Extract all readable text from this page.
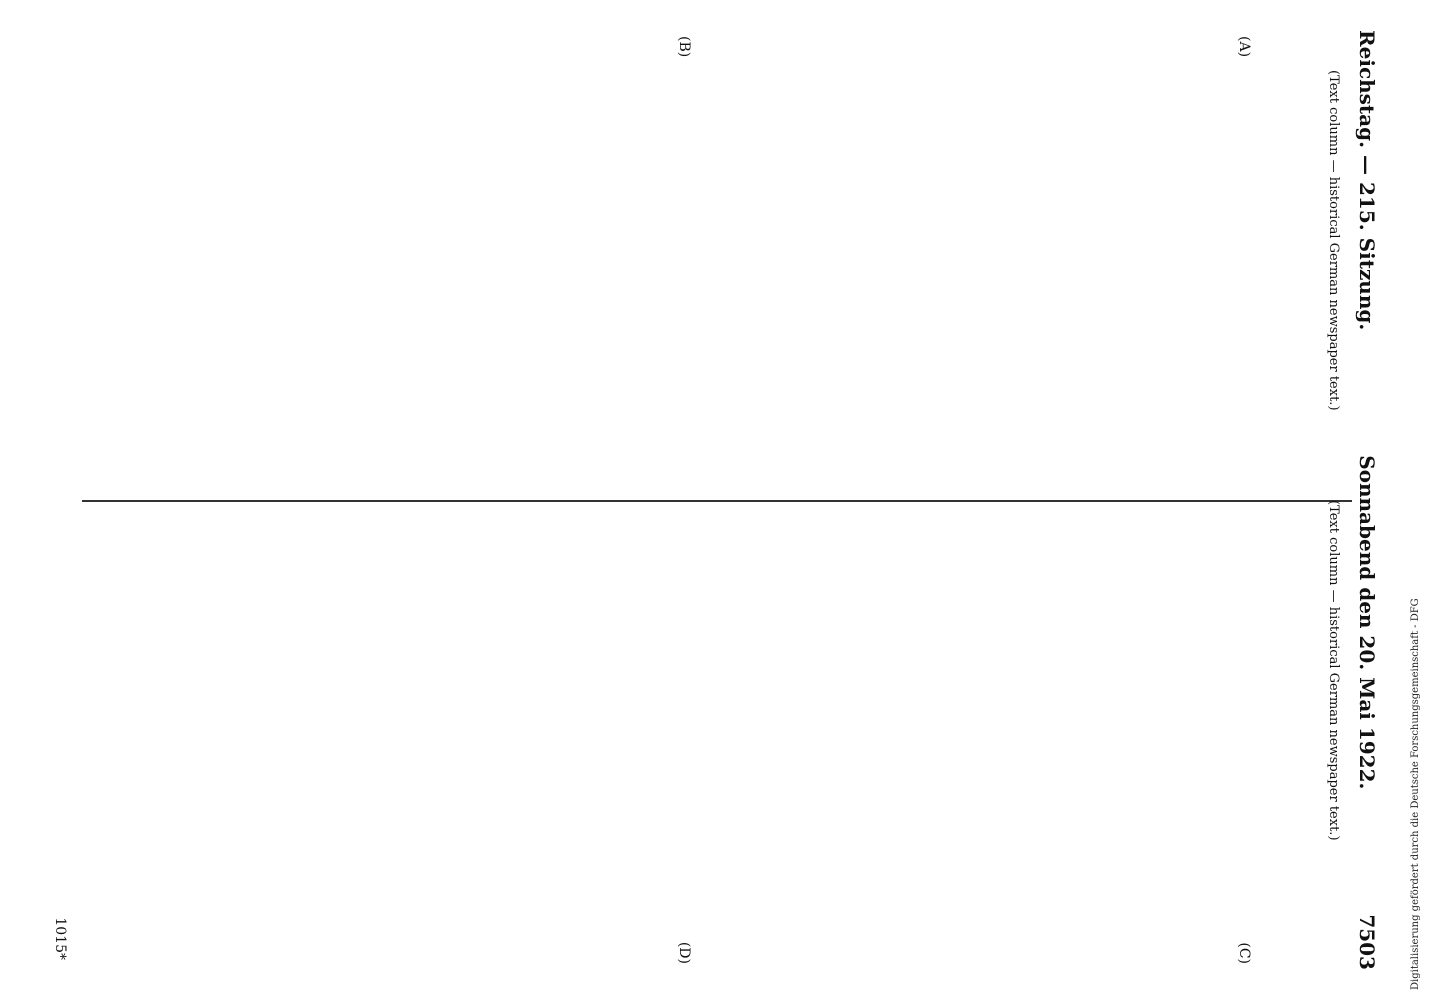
Reichstag. — 215. Sitzung.
Sonnabend den 20. Mai 1922.
7503
(Text column — historical German newspaper text.)
(Text column — historical German newspaper text.)
(A)
(B)
(C)
(D)
1015*	Digitalisierung gefördert durch die Deutsche Forschungsgemeinschaft - DFG
